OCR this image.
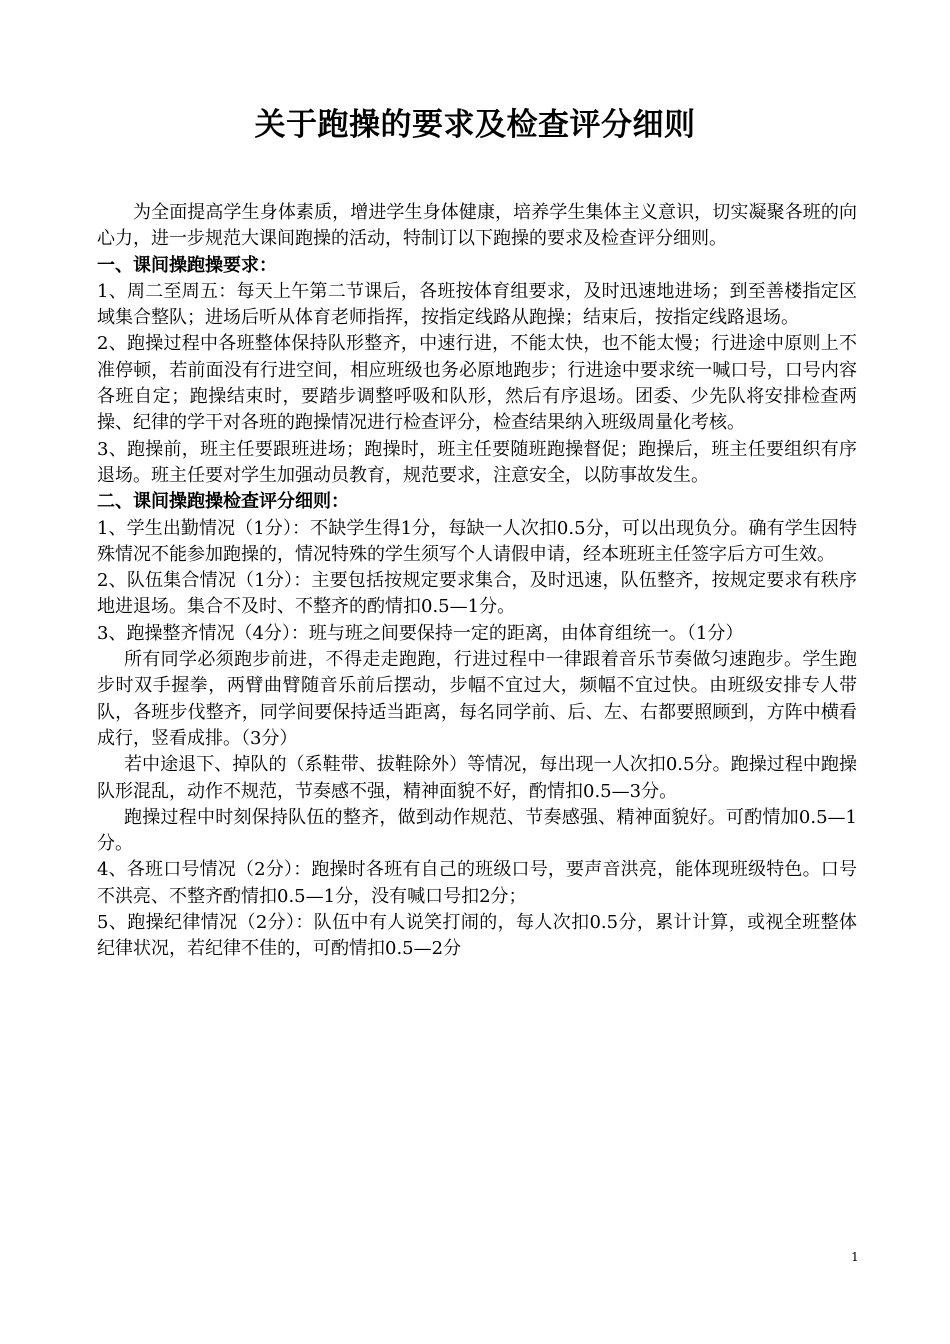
关于跑操的要求及检查评分细则

为全面提高学生身体素质，增进学生身体健康，培养学生集体主义意识，切实凝聚各班的向心力，进一步规范大课间跑操的活动，特制订以下跑操的要求及检查评分细则。

一、课间操跑操要求：

1、周二至周五：每天上午第二节课后，各班按体育组要求，及时迅速地进场；到至善楼指定区域集合整队；进场后听从体育老师指挥，按指定线路从跑操；结束后，按指定线路退场。

2、跑操过程中各班整体保持队形整齐，中速行进，不能太快，也不能太慢；行进途中原则上不准停顿，若前面没有行进空间，相应班级也务必原地跑步；行进途中要求统一喊口号，口号内容各班自定；跑操结束时，要踏步调整呼吸和队形，然后有序退场。团委、少先队将安排检查两操、纪律的学干对各班的跑操情况进行检查评分，检查结果纳入班级周量化考核。

3、跑操前，班主任要跟班进场；跑操时，班主任要随班跑操督促；跑操后，班主任要组织有序退场。班主任要对学生加强动员教育，规范要求，注意安全，以防事故发生。

二、课间操跑操检查评分细则：

1、学生出勤情况（1分）：不缺学生得1分，每缺一人次扣0.5分，可以出现负分。确有学生因特殊情况不能参加跑操的，情况特殊的学生须写个人请假申请，经本班班主任签字后方可生效。

2、队伍集合情况（1分）：主要包括按规定要求集合，及时迅速，队伍整齐，按规定要求有秩序地进退场。集合不及时、不整齐的酌情扣0.5—1分。

3、跑操整齐情况（4分）：班与班之间要保持一定的距离，由体育组统一。（1分）

所有同学必须跑步前进，不得走走跑跑，行进过程中一律跟着音乐节奏做匀速跑步。学生跑步时双手握拳，两臂曲臂随音乐前后摆动，步幅不宜过大，频幅不宜过快。由班级安排专人带队，各班步伐整齐，同学间要保持适当距离，每名同学前、后、左、右都要照顾到，方阵中横看成行，竖看成排。（3分）

若中途退下、掉队的（系鞋带、拔鞋除外）等情况，每出现一人次扣0.5分。跑操过程中跑操队形混乱，动作不规范，节奏感不强，精神面貌不好，酌情扣0.5—3分。

跑操过程中时刻保持队伍的整齐，做到动作规范、节奏感强、精神面貌好。可酌情加0.5—1分。

4、各班口号情况（2分）：跑操时各班有自己的班级口号，要声音洪亮，能体现班级特色。口号不洪亮、不整齐酌情扣0.5—1分，没有喊口号扣2分；

5、跑操纪律情况（2分）：队伍中有人说笑打闹的，每人次扣0.5分，累计计算，或视全班整体纪律状况，若纪律不佳的，可酌情扣0.5—2分

1
